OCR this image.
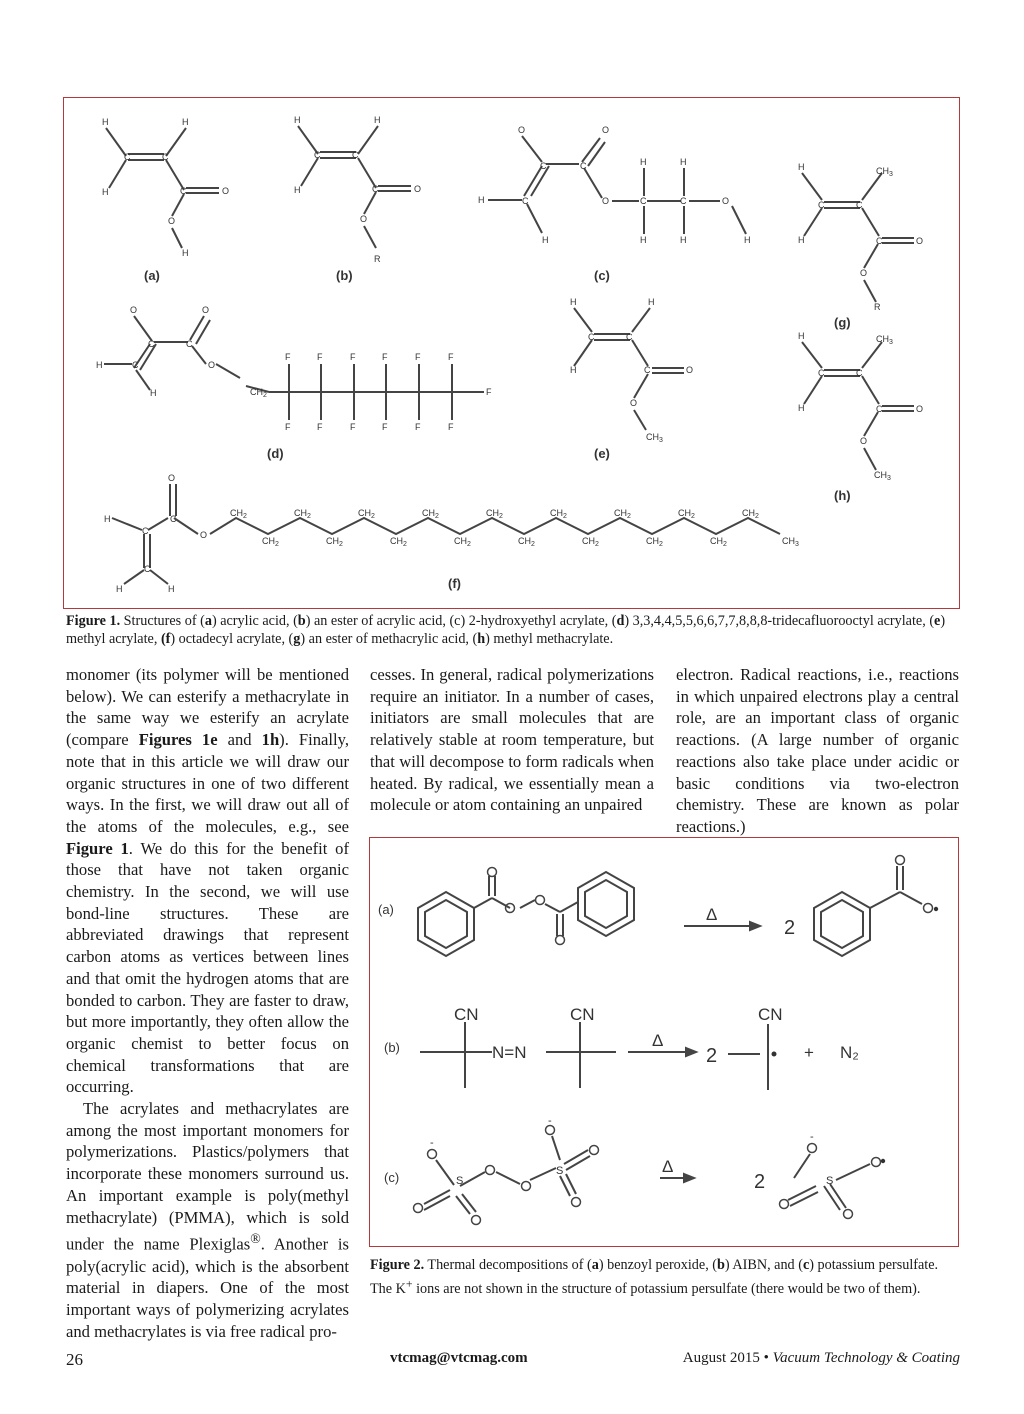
H	H
C	C
H	C	O
O
H
H	H
C	C
H	C	O
O
R
O	O
C	C
H	C
H
O
H
C
H
H
C
H
O
H
H	$CH_3$
C	C
H	C	O
O
R
O	O
C	C
H	C
H
O
$CH_2$	F
F	F	F	F	F	F
F	F	F	F	F	F
H	H
C	C
H	C	O
O
$CH_3$
H	$CH_3$
C	C
H	C	O
O
$CH_3$
H
C
O
C
O
C
H	H
$CH_2$
$CH_2$
$CH_2$
$CH_2$
$CH_2$
$CH_2$
$CH_2$
$CH_2$
$CH_2$
$CH_2$
$CH_2$
$CH_2$
$CH_2$
$CH_2$
$CH_2$
$CH_2$
$CH_2$
$CH_3$
(a)	(b)	(c)
(d)	(e)
(f)
(g)
(h)
Figure 1. Structures of (a) acrylic acid, (b) an ester of acrylic acid, (c) 2-hydroxyethyl acrylate, (d) 3,3,4,4,5,5,6,6,7,7,8,8,8-tridecafluorooctyl acrylate, (e) methyl acrylate, (f) octadecyl acrylate, (g) an ester of methacrylic acid, (h) methyl methacrylate.

monomer (its polymer will be mentioned below). We can esterify a methacrylate in the same way we esterify an acrylate (compare Figures 1e and 1h). Finally, note that in this article we will draw our organic structures in one of two different ways. In the first, we will draw out all of the atoms of the molecules, e.g., see Figure 1. We do this for the benefit of those that have not taken organic chemistry. In the second, we will use bond-line structures. These are abbreviated drawings that represent carbon atoms as vertices between lines and that omit the hydrogen atoms that are bonded to carbon. They are faster to draw, but more importantly, they often allow the organic chemist to better focus on chemical transformations that are occurring.

The acrylates and methacrylates are among the most important monomers for polymerizations. Plastics/polymers that incorporate these monomers surround us. An important example is poly(methyl methacrylate) (PMMA), which is sold under the name Plexiglas®. Another is poly(acrylic acid), which is the absorbent material in diapers. One of the most important ways of polymerizing acrylates and methacrylates is via free radical pro-

cesses. In general, radical polymerizations require an initiator. In a number of cases, initiators are small molecules that are relatively stable at room temperature, but that will decompose to form radicals when heated. By radical, we essentially mean a molecule or atom containing an unpaired

electron. Radical reactions, i.e., reactions in which unpaired electrons play a central role, are an important class of organic reactions. (A large number of organic reactions also take place under acidic or basic conditions via two-electron chemistry. These are known as polar reactions.)

S
S
S
-
-
-
(a)
(b)
(c)
Δ
Δ
Δ
CN	CN	CN
N=N	+ N₂
2
2
2
Figure 2. Thermal decompositions of (a) benzoyl peroxide, (b) AIBN, and (c) potassium persulfate. The K+ ions are not shown in the structure of potassium persulfate (there would be two of them).
26	vtcmag@vtcmag.com	August 2015 • Vacuum Technology & Coating
